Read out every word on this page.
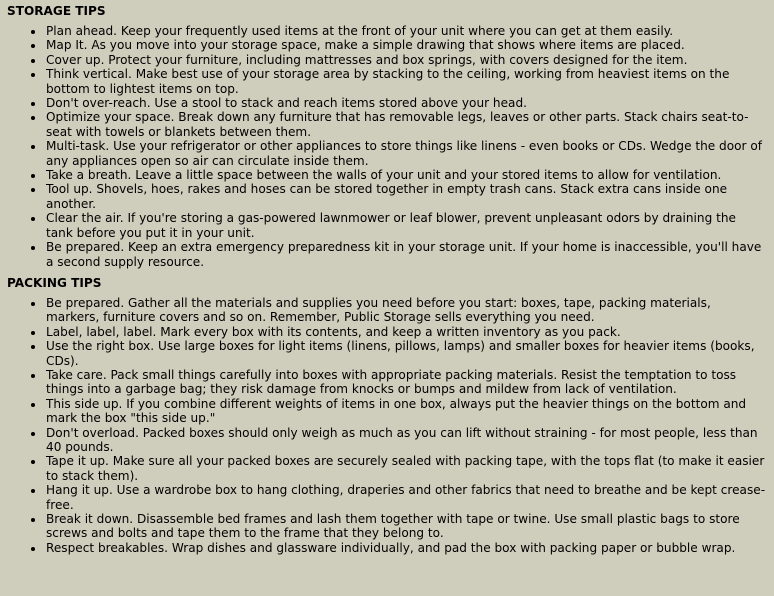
STORAGE TIPS
• Plan ahead. Keep your frequently used items at the front of your unit where you can get at them easily.
• Map It. As you move into your storage space, make a simple drawing that shows where items are placed.
• Cover up. Protect your furniture, including mattresses and box springs, with covers designed for the item.
• Think vertical. Make best use of your storage area by stacking to the ceiling, working from heaviest items on the bottom to lightest items on top.
• Don't over-reach. Use a stool to stack and reach items stored above your head.
• Optimize your space. Break down any furniture that has removable legs, leaves or other parts. Stack chairs seat-to-seat with towels or blankets between them.
• Multi-task. Use your refrigerator or other appliances to store things like linens - even books or CDs. Wedge the door of any appliances open so air can circulate inside them.
• Take a breath. Leave a little space between the walls of your unit and your stored items to allow for ventilation.
• Tool up. Shovels, hoes, rakes and hoses can be stored together in empty trash cans. Stack extra cans inside one another.
• Clear the air. If you're storing a gas-powered lawnmower or leaf blower, prevent unpleasant odors by draining the tank before you put it in your unit.
• Be prepared. Keep an extra emergency preparedness kit in your storage unit. If your home is inaccessible, you'll have a second supply resource.
PACKING TIPS
• Be prepared. Gather all the materials and supplies you need before you start: boxes, tape, packing materials, markers, furniture covers and so on. Remember, Public Storage sells everything you need.
• Label, label, label. Mark every box with its contents, and keep a written inventory as you pack.
• Use the right box. Use large boxes for light items (linens, pillows, lamps) and smaller boxes for heavier items (books, CDs).
• Take care. Pack small things carefully into boxes with appropriate packing materials. Resist the temptation to toss things into a garbage bag; they risk damage from knocks or bumps and mildew from lack of ventilation.
• This side up. If you combine different weights of items in one box, always put the heavier things on the bottom and mark the box "this side up."
• Don't overload. Packed boxes should only weigh as much as you can lift without straining - for most people, less than 40 pounds.
• Tape it up. Make sure all your packed boxes are securely sealed with packing tape, with the tops flat (to make it easier to stack them).
• Hang it up. Use a wardrobe box to hang clothing, draperies and other fabrics that need to breathe and be kept crease-free.
• Break it down. Disassemble bed frames and lash them together with tape or twine. Use small plastic bags to store screws and bolts and tape them to the frame that they belong to.
• Respect breakables. Wrap dishes and glassware individually, and pad the box with packing paper or bubble wrap.
